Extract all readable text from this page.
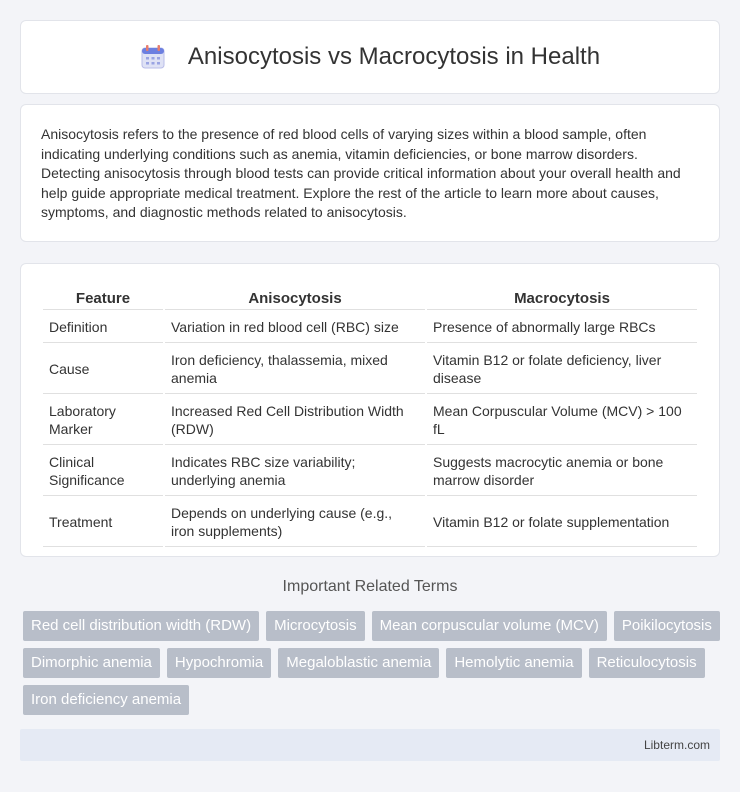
Anisocytosis vs Macrocytosis in Health

Anisocytosis refers to the presence of red blood cells of varying sizes within a blood sample, often indicating underlying conditions such as anemia, vitamin deficiencies, or bone marrow disorders. Detecting anisocytosis through blood tests can provide critical information about your overall health and help guide appropriate medical treatment. Explore the rest of the article to learn more about causes, symptoms, and diagnostic methods related to anisocytosis.

Feature	Anisocytosis	Macrocytosis
Definition	Variation in red blood cell (RBC) size	Presence of abnormally large RBCs
Cause	Iron deficiency, thalassemia, mixed anemia	Vitamin B12 or folate deficiency, liver disease
Laboratory Marker	Increased Red Cell Distribution Width (RDW)	Mean Corpuscular Volume (MCV) > 100 fL
Clinical Significance	Indicates RBC size variability; underlying anemia	Suggests macrocytic anemia or bone marrow disorder
Treatment	Depends on underlying cause (e.g., iron supplements)	Vitamin B12 or folate supplementation
Important Related Terms
Red cell distribution width (RDW)	Microcytosis	Mean corpuscular volume (MCV)	Poikilocytosis
Dimorphic anemia	Hypochromia	Megaloblastic anemia	Hemolytic anemia	Reticulocytosis
Iron deficiency anemia
Libterm.com
